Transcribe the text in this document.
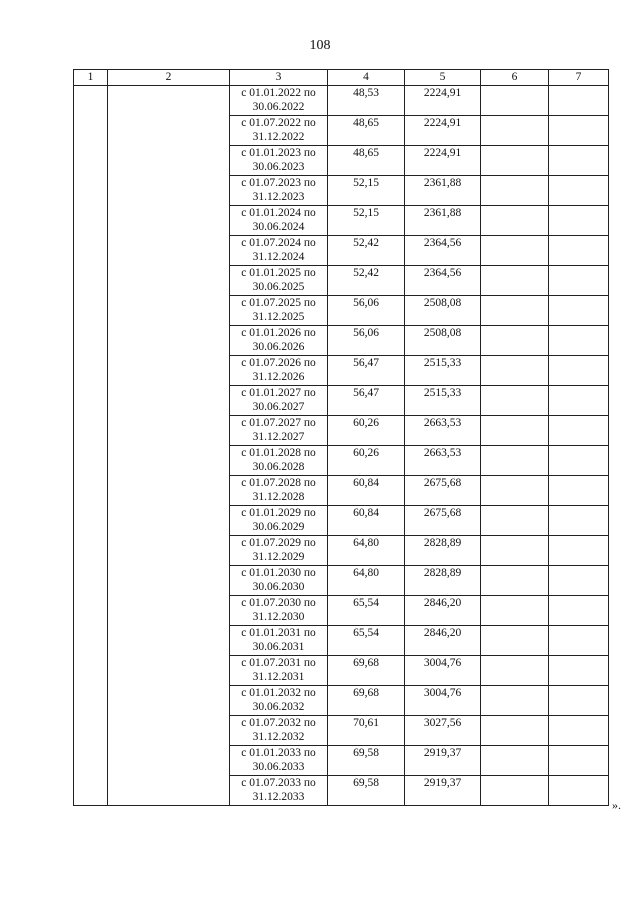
108
1	2	3	4	5	6	7
		с 01.01.2022 по 30.06.2022	48,53	2224,91		
		с 01.07.2022 по 31.12.2022	48,65	2224,91		
		с 01.01.2023 по 30.06.2023	48,65	2224,91		
		с 01.07.2023 по 31.12.2023	52,15	2361,88		
		с 01.01.2024 по 30.06.2024	52,15	2361,88		
		с 01.07.2024 по 31.12.2024	52,42	2364,56		
		с 01.01.2025 по 30.06.2025	52,42	2364,56		
		с 01.07.2025 по 31.12.2025	56,06	2508,08		
		с 01.01.2026 по 30.06.2026	56,06	2508,08		
		с 01.07.2026 по 31.12.2026	56,47	2515,33		
		с 01.01.2027 по 30.06.2027	56,47	2515,33		
		с 01.07.2027 по 31.12.2027	60,26	2663,53		
		с 01.01.2028 по 30.06.2028	60,26	2663,53		
		с 01.07.2028 по 31.12.2028	60,84	2675,68		
		с 01.01.2029 по 30.06.2029	60,84	2675,68		
		с 01.07.2029 по 31.12.2029	64,80	2828,89		
		с 01.01.2030 по 30.06.2030	64,80	2828,89		
		с 01.07.2030 по 31.12.2030	65,54	2846,20		
		с 01.01.2031 по 30.06.2031	65,54	2846,20		
		с 01.07.2031 по 31.12.2031	69,68	3004,76		
		с 01.01.2032 по 30.06.2032	69,68	3004,76		
		с 01.07.2032 по 31.12.2032	70,61	3027,56		
		с 01.01.2033 по 30.06.2033	69,58	2919,37		
		с 01.07.2033 по 31.12.2033	69,58	2919,37		
».
